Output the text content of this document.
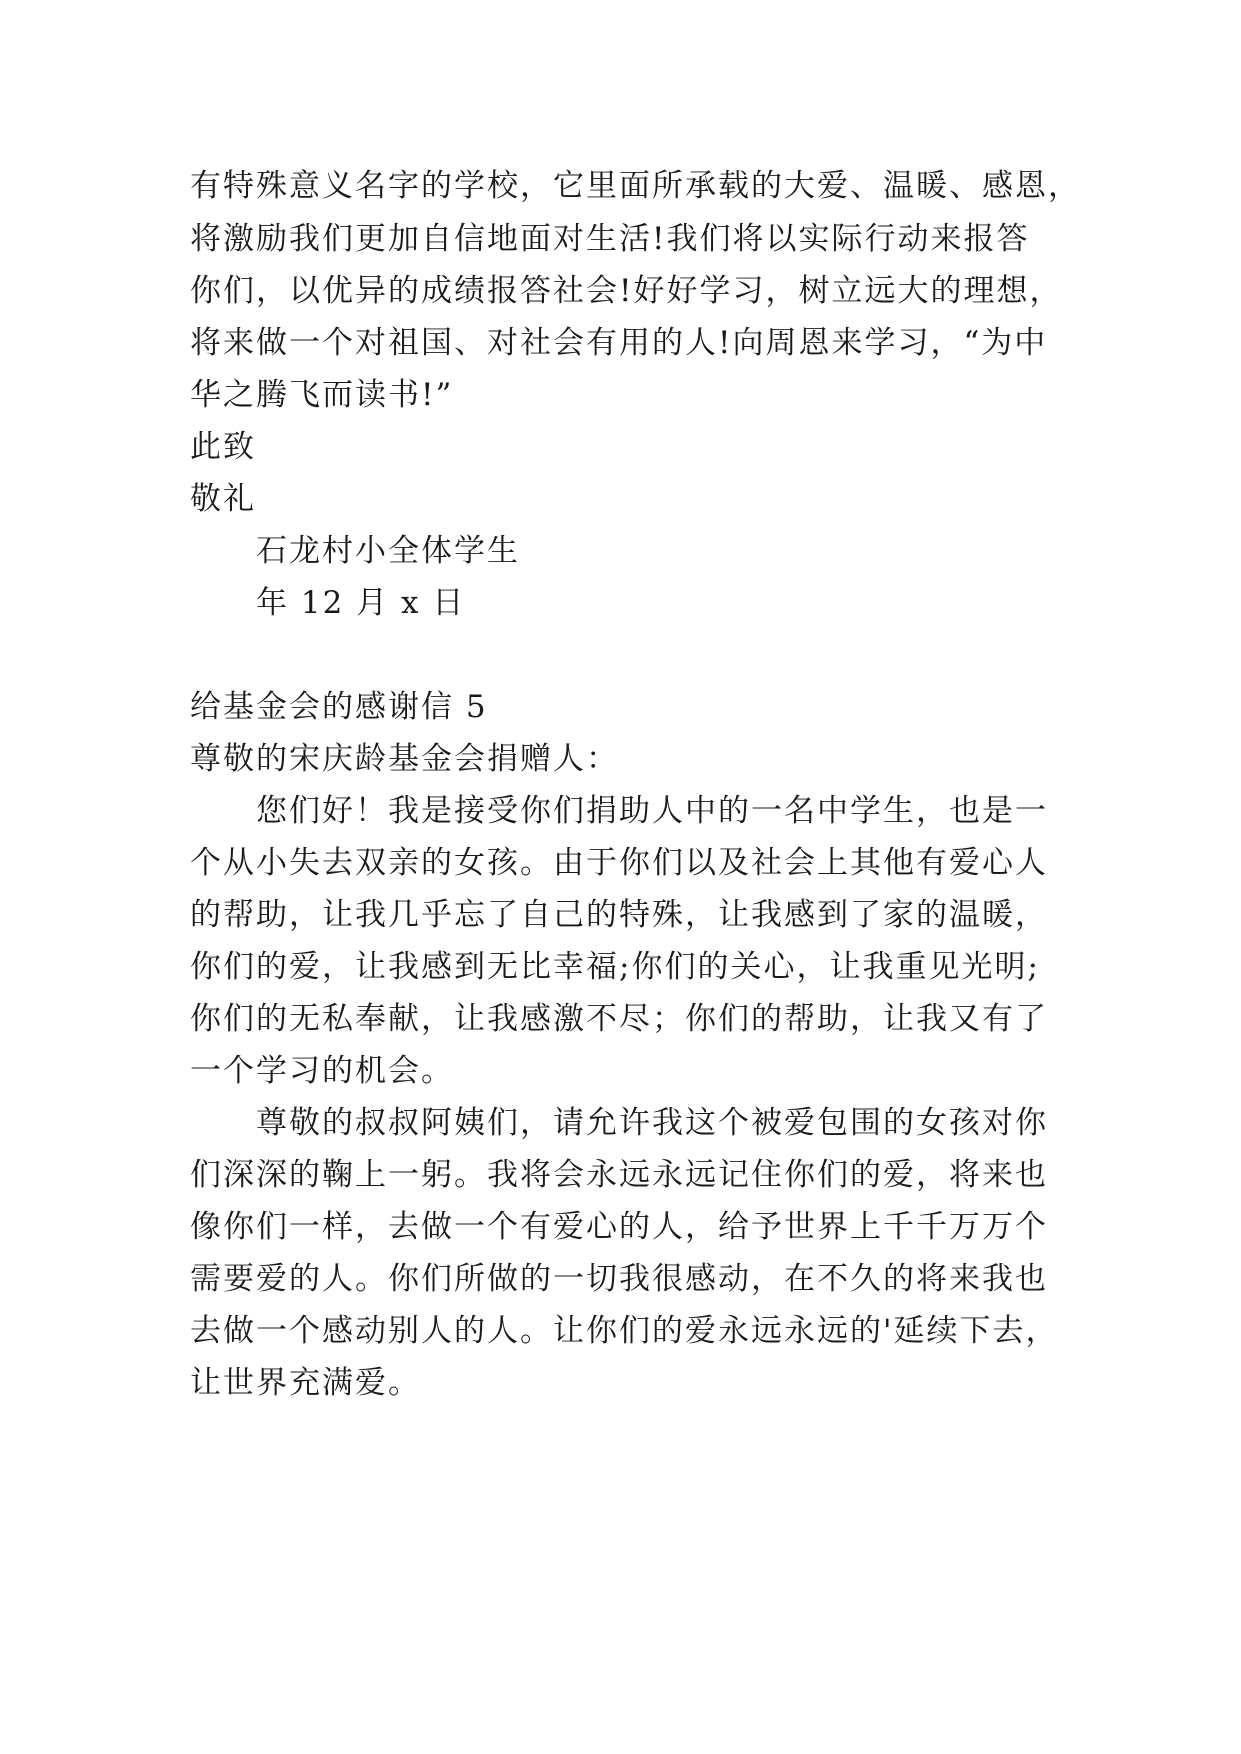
有特殊意义名字的学校，它里面所承载的大爱、温暖、感恩，
将激励我们更加自信地面对生活!我们将以实际行动来报答
你们，以优异的成绩报答社会!好好学习，树立远大的理想，
将来做一个对祖国、对社会有用的人!向周恩来学习，“为中
华之腾飞而读书!”
此致
敬礼
石龙村小全体学生
年 12 月 x 日
给基金会的感谢信 5
尊敬的宋庆龄基金会捐赠人：
您们好！我是接受你们捐助人中的一名中学生，也是一
个从小失去双亲的女孩。由于你们以及社会上其他有爱心人
的帮助，让我几乎忘了自己的特殊，让我感到了家的温暖，
你们的爱，让我感到无比幸福;你们的关心，让我重见光明;
你们的无私奉献，让我感激不尽；你们的帮助，让我又有了
一个学习的机会。
尊敬的叔叔阿姨们，请允许我这个被爱包围的女孩对你
们深深的鞠上一躬。我将会永远永远记住你们的爱，将来也
像你们一样，去做一个有爱心的人，给予世界上千千万万个
需要爱的人。你们所做的一切我很感动，在不久的将来我也
去做一个感动别人的人。让你们的爱永远永远的'延续下去，
让世界充满爱。
